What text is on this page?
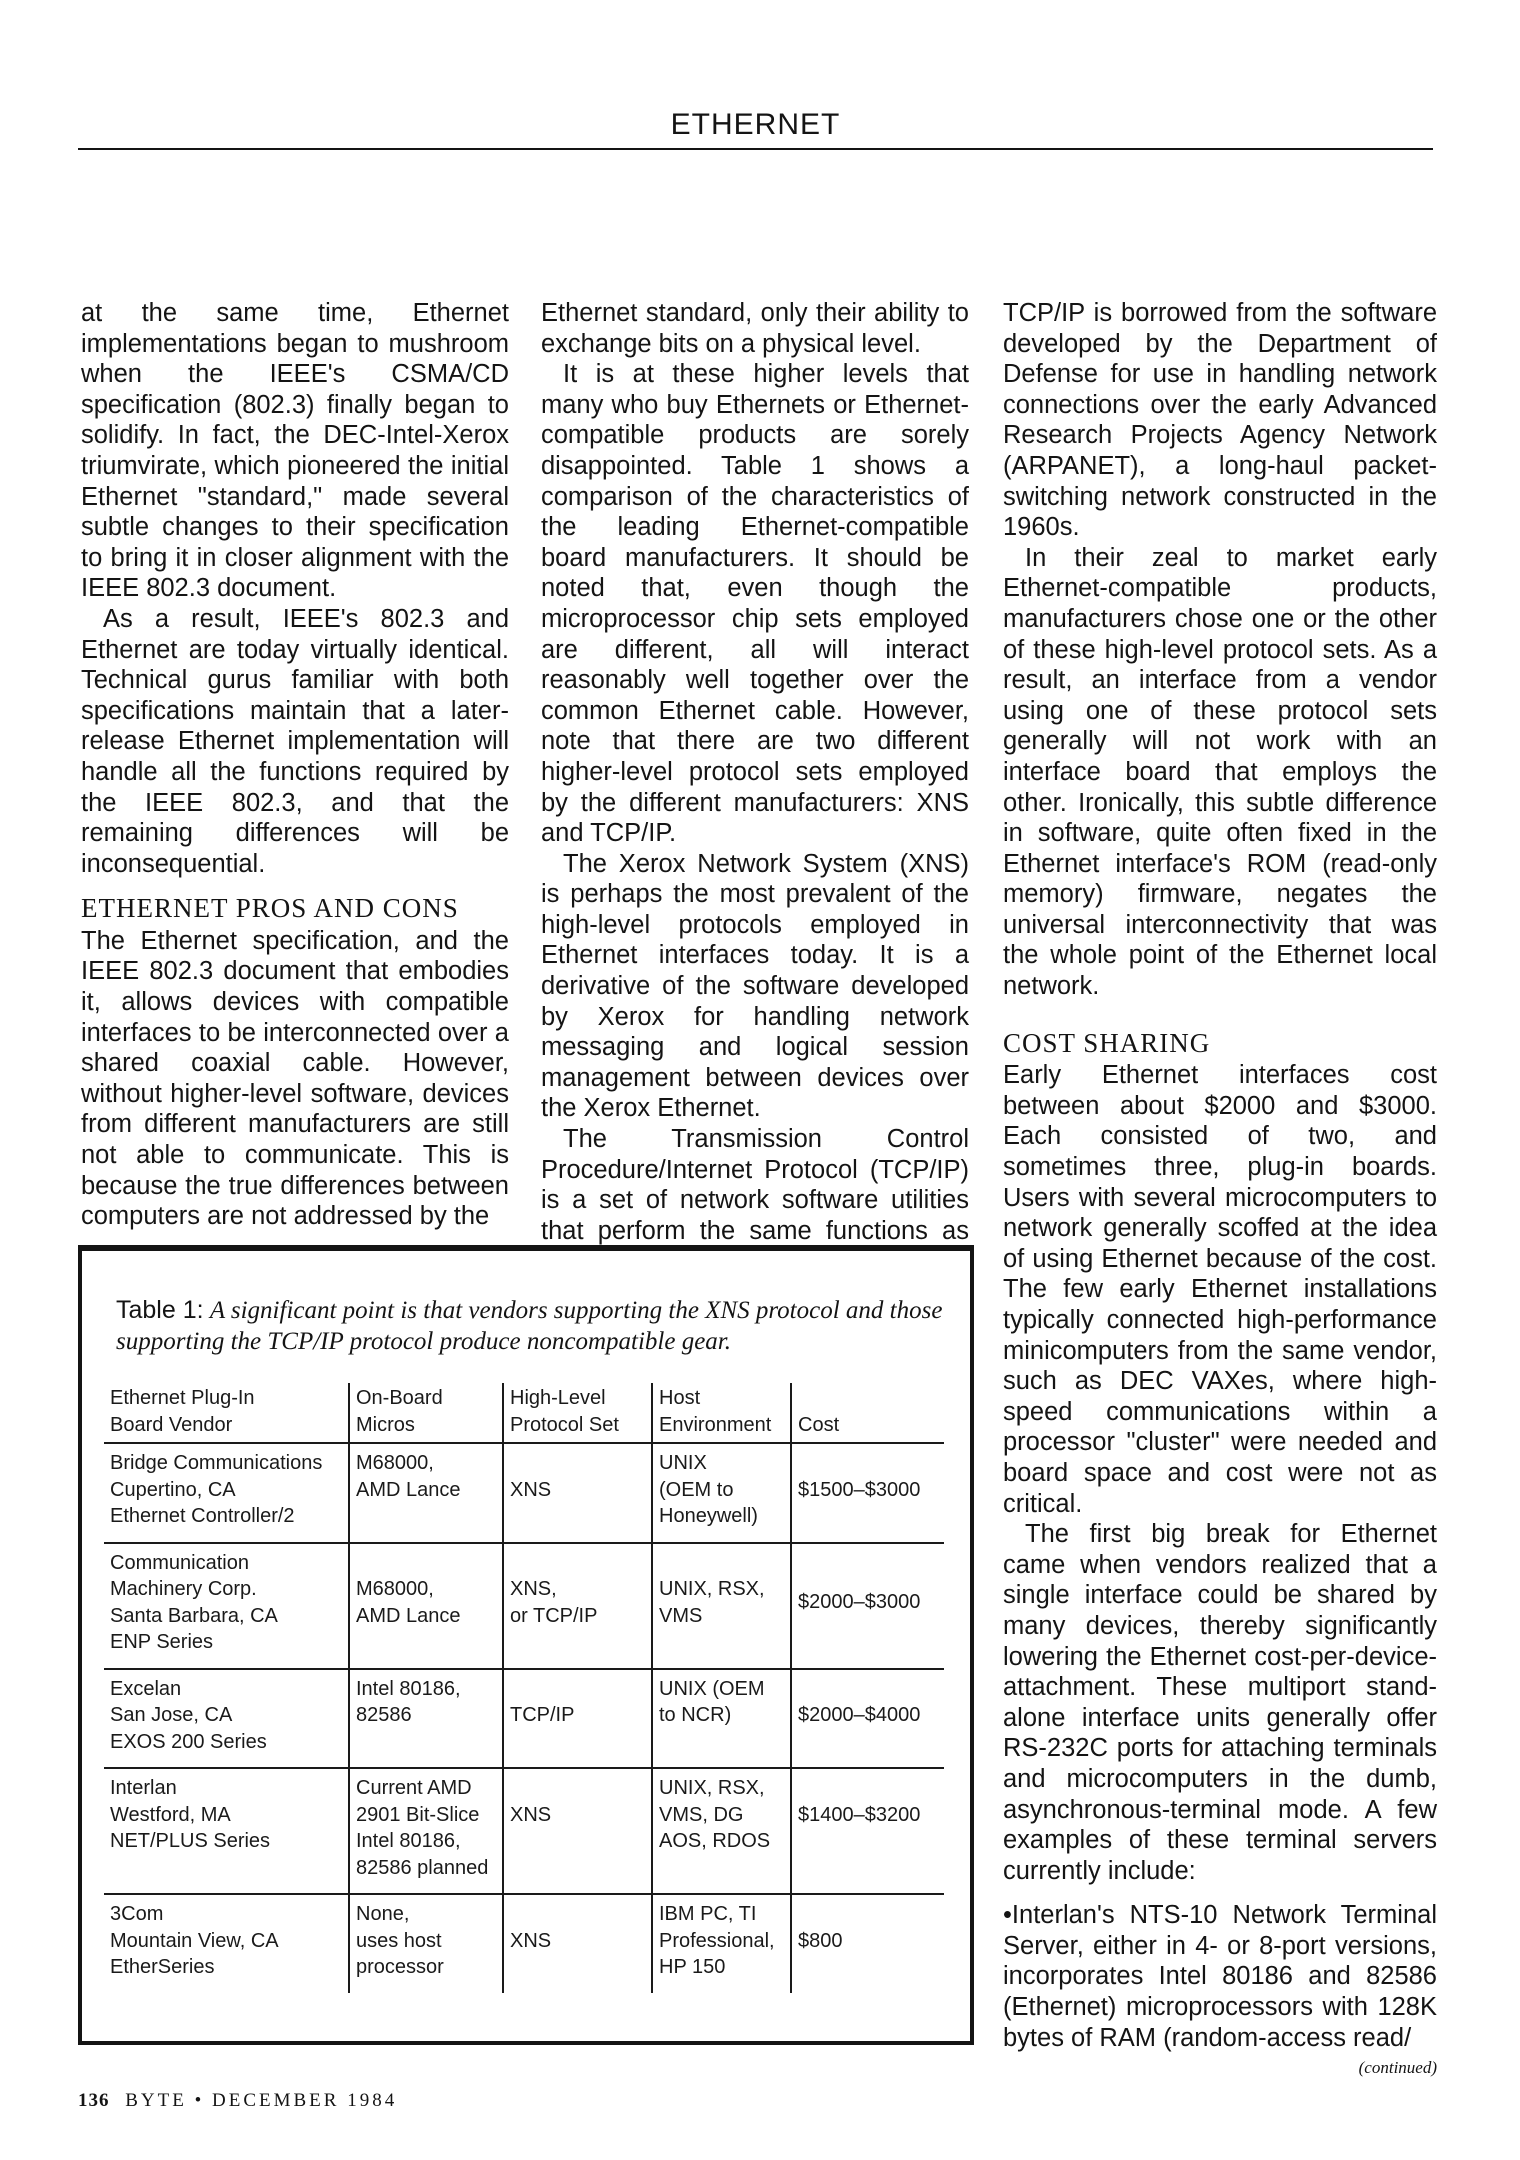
ETHERNET

at the same time, Ethernet implementations began to mushroom when the IEEE's CSMA/CD specification (802.3) finally began to solidify. In fact, the DEC-Intel-Xerox triumvirate, which pioneered the initial Ethernet "standard," made several subtle changes to their specification to bring it in closer alignment with the IEEE 802.3 document.

As a result, IEEE's 802.3 and Ethernet are today virtually identical. Technical gurus familiar with both specifications maintain that a later-release Ethernet implementation will handle all the functions required by the IEEE 802.3, and that the remaining differences will be inconsequential.

ETHERNET PROS AND CONS

The Ethernet specification, and the IEEE 802.3 document that embodies it, allows devices with compatible interfaces to be interconnected over a shared coaxial cable. However, without higher-level software, devices from different manufacturers are still not able to communicate. This is because the true differences between computers are not addressed by the

Ethernet standard, only their ability to exchange bits on a physical level.

It is at these higher levels that many who buy Ethernets or Ethernet-compatible products are sorely disappointed. Table 1 shows a comparison of the characteristics of the leading Ethernet-compatible board manufacturers. It should be noted that, even though the microprocessor chip sets employed are different, all will interact reasonably well together over the common Ethernet cable. However, note that there are two different higher-level protocol sets employed by the different manufacturers: XNS and TCP/IP.

The Xerox Network System (XNS) is perhaps the most prevalent of the high-level protocols employed in Ethernet interfaces today. It is a derivative of the software developed by Xerox for handling network messaging and logical session management between devices over the Xerox Ethernet.

The Transmission Control Procedure/Internet Protocol (TCP/IP) is a set of network software utilities that perform the same functions as

TCP/IP is borrowed from the software developed by the Department of Defense for use in handling network connections over the early Advanced Research Projects Agency Network (ARPANET), a long-haul packet-switching network constructed in the 1960s.

In their zeal to market early Ethernet-compatible products, manufacturers chose one or the other of these high-level protocol sets. As a result, an interface from a vendor using one of these protocol sets generally will not work with an interface board that employs the other. Ironically, this subtle difference in software, quite often fixed in the Ethernet interface's ROM (read-only memory) firmware, negates the universal interconnectivity that was the whole point of the Ethernet local network.

COST SHARING

Early Ethernet interfaces cost between about $2000 and $3000. Each consisted of two, and sometimes three, plug-in boards. Users with several microcomputers to network generally scoffed at the idea of using Ethernet because of the cost. The few early Ethernet installations typically connected high-performance minicomputers from the same vendor, such as DEC VAXes, where high-speed communications within a processor "cluster" were needed and board space and cost were not as critical.

The first big break for Ethernet came when vendors realized that a single interface could be shared by many devices, thereby significantly lowering the Ethernet cost-per-device-attachment. These multiport stand-alone interface units generally offer RS-232C ports for attaching terminals and microcomputers in the dumb, asynchronous-terminal mode. A few examples of these terminal servers currently include:

•Interlan's NTS-10 Network Terminal Server, either in 4- or 8-port versions, incorporates Intel 80186 and 82586 (Ethernet) microprocessors with 128K bytes of RAM (random-access read/

(continued)

Table 1: A significant point is that vendors supporting the XNS protocol and those supporting the TCP/IP protocol produce noncompatible gear.
Ethernet Plug-In
Board Vendor	On-Board
Micros	High-Level
Protocol Set	Host
Environment	Cost
Bridge Communications
Cupertino, CA
Ethernet Controller/2	M68000,
AMD Lance	XNS	UNIX
(OEM to
Honeywell)	$1500–$3000
Communication
Machinery Corp.
Santa Barbara, CA
ENP Series	M68000,
AMD Lance	XNS,
or TCP/IP	UNIX, RSX,
VMS	$2000–$3000
Excelan
San Jose, CA
EXOS 200 Series	Intel 80186,
82586	TCP/IP	UNIX (OEM
to NCR)	$2000–$4000
Interlan
Westford, MA
NET/PLUS Series	Current AMD
2901 Bit-Slice
Intel 80186,
82586 planned	XNS	UNIX, RSX,
VMS, DG
AOS, RDOS	$1400–$3200
3Com
Mountain View, CA
EtherSeries	None,
uses host
processor	XNS	IBM PC, TI
Professional,
HP 150	$800
136 BYTE • DECEMBER 1984
